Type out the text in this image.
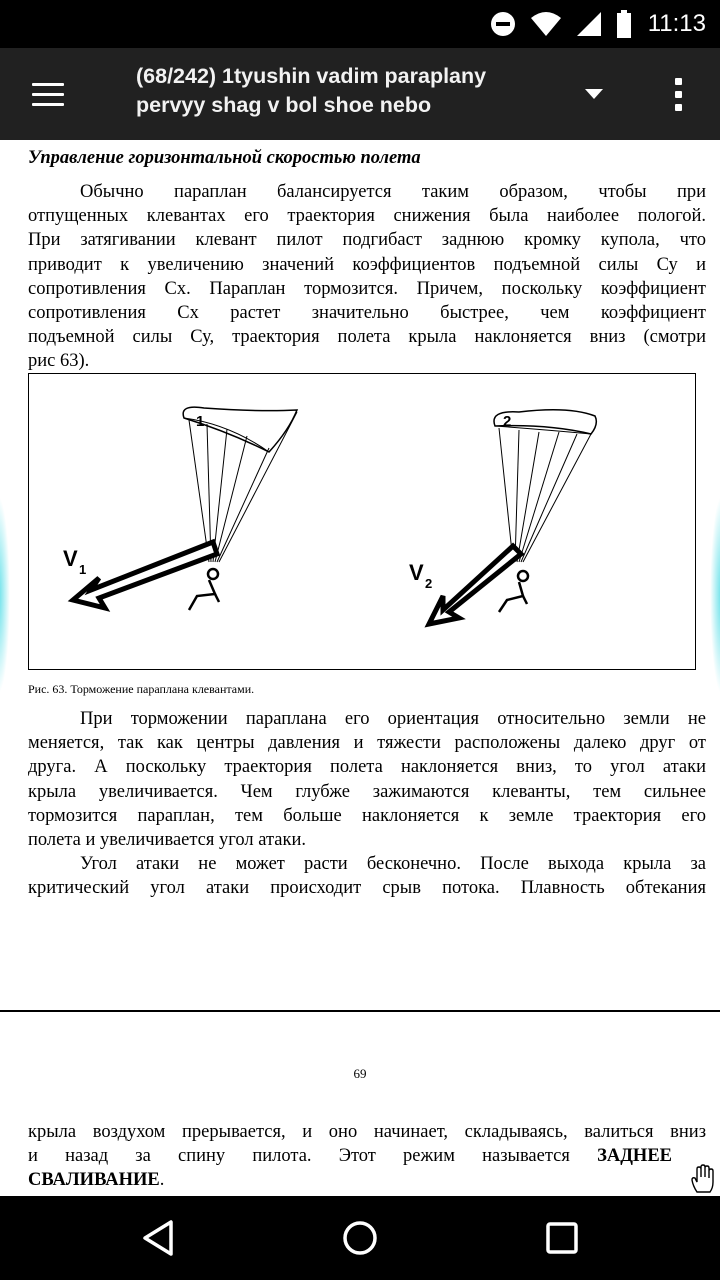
11:13
(68/242) 1tyushin vadim paraplany
pervyy shag v bol shoe nebo
Управление горизонтальной скоростью полета
Обычно параплан балансируется таким образом, чтобы при
отпущенных клевантах его траектория снижения была наиболее пологой.
При затягивании клевант пилот подгибаст заднюю кромку купола, что
приводит к увеличению значений коэффициентов подъемной силы Су и
сопротивления Сх. Параплан тормозится. Причем, поскольку коэффициент
сопротивления Сх растет значительно быстрее, чем коэффициент
подъемной силы Су, траектория полета крыла наклоняется вниз (смотри
рис 63).
1
V 1
2
V 2
Рис. 63. Торможение параплана клевантами.
При торможении параплана его ориентация относительно земли не
меняется, так как центры давления и тяжести расположены далеко друг от
друга. А поскольку траектория полета наклоняется вниз, то угол атаки
крыла увеличивается. Чем глубже зажимаются клеванты, тем сильнее
тормозится параплан, тем больше наклоняется к земле траектория его
полета и увеличивается угол атаки.
Угол атаки не может расти бесконечно. После выхода крыла за
критический угол атаки происходит срыв потока. Плавность обтекания
69
крыла воздухом прерывается, и оно начинает, складываясь, валиться вниз
и назад за спину пилота. Этот режим называется ЗАДНЕЕ
СВАЛИВАНИЕ.
